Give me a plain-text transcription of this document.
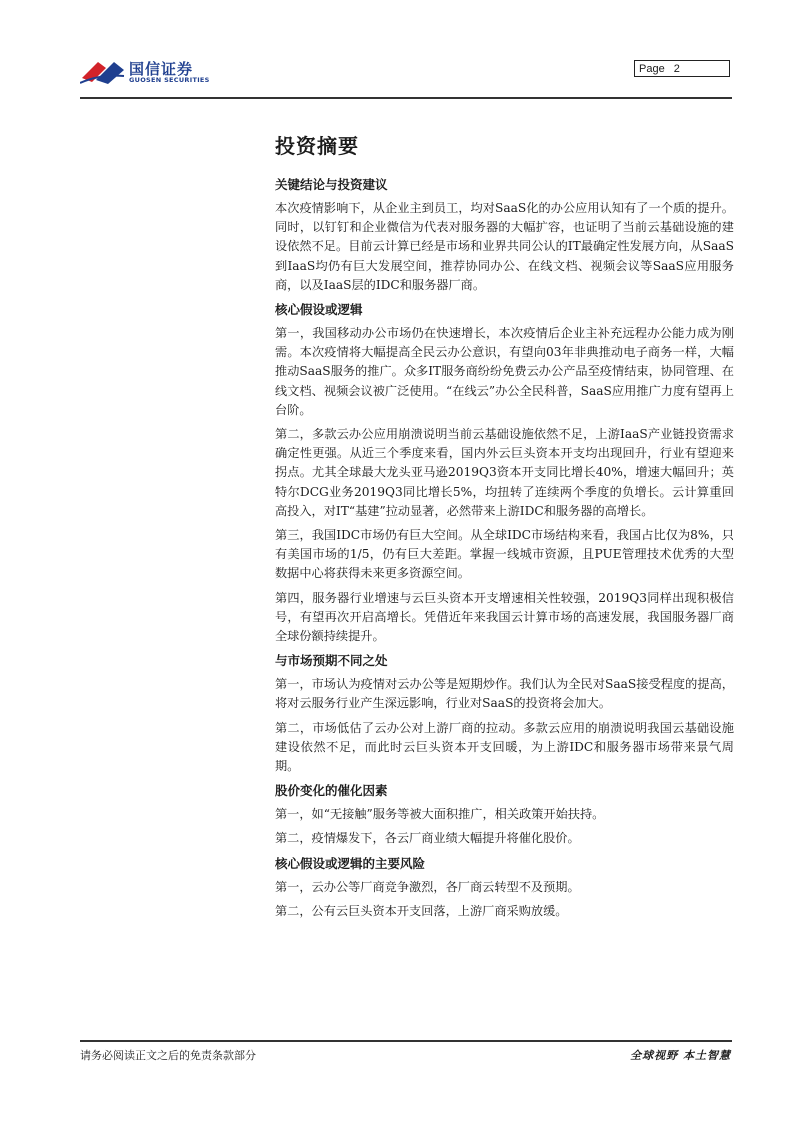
国信证券
GUOSEN SECURITIES
Page 2
投资摘要
关键结论与投资建议

本次疫情影响下，从企业主到员工，均对SaaS化的办公应用认知有了一个质的提升。同时，以钉钉和企业微信为代表对服务器的大幅扩容，也证明了当前云基础设施的建设依然不足。目前云计算已经是市场和业界共同公认的IT最确定性发展方向，从SaaS到IaaS均仍有巨大发展空间，推荐协同办公、在线文档、视频会议等SaaS应用服务商，以及IaaS层的IDC和服务器厂商。

核心假设或逻辑

第一，我国移动办公市场仍在快速增长，本次疫情后企业主补充远程办公能力成为刚需。本次疫情将大幅提高全民云办公意识，有望向03年非典推动电子商务一样，大幅推动SaaS服务的推广。众多IT服务商纷纷免费云办公产品至疫情结束，协同管理、在线文档、视频会议被广泛使用。“在线云”办公全民科普，SaaS应用推广力度有望再上台阶。

第二，多款云办公应用崩溃说明当前云基础设施依然不足，上游IaaS产业链投资需求确定性更强。从近三个季度来看，国内外云巨头资本开支均出现回升，行业有望迎来拐点。尤其全球最大龙头亚马逊2019Q3资本开支同比增长40%，增速大幅回升；英特尔DCG业务2019Q3同比增长5%，均扭转了连续两个季度的负增长。云计算重回高投入，对IT“基建”拉动显著，必然带来上游IDC和服务器的高增长。

第三，我国IDC市场仍有巨大空间。从全球IDC市场结构来看，我国占比仅为8%，只有美国市场的1/5，仍有巨大差距。掌握一线城市资源，且PUE管理技术优秀的大型数据中心将获得未来更多资源空间。

第四，服务器行业增速与云巨头资本开支增速相关性较强，2019Q3同样出现积极信号，有望再次开启高增长。凭借近年来我国云计算市场的高速发展，我国服务器厂商全球份额持续提升。

与市场预期不同之处

第一，市场认为疫情对云办公等是短期炒作。我们认为全民对SaaS接受程度的提高，将对云服务行业产生深远影响，行业对SaaS的投资将会加大。

第二，市场低估了云办公对上游厂商的拉动。多款云应用的崩溃说明我国云基础设施建设依然不足，而此时云巨头资本开支回暖，为上游IDC和服务器市场带来景气周期。

股价变化的催化因素

第一，如“无接触”服务等被大面积推广，相关政策开始扶持。

第二，疫情爆发下，各云厂商业绩大幅提升将催化股价。

核心假设或逻辑的主要风险

第一，云办公等厂商竞争激烈，各厂商云转型不及预期。

第二，公有云巨头资本开支回落，上游厂商采购放缓。

请务必阅读正文之后的免责条款部分	全球视野 本土智慧
